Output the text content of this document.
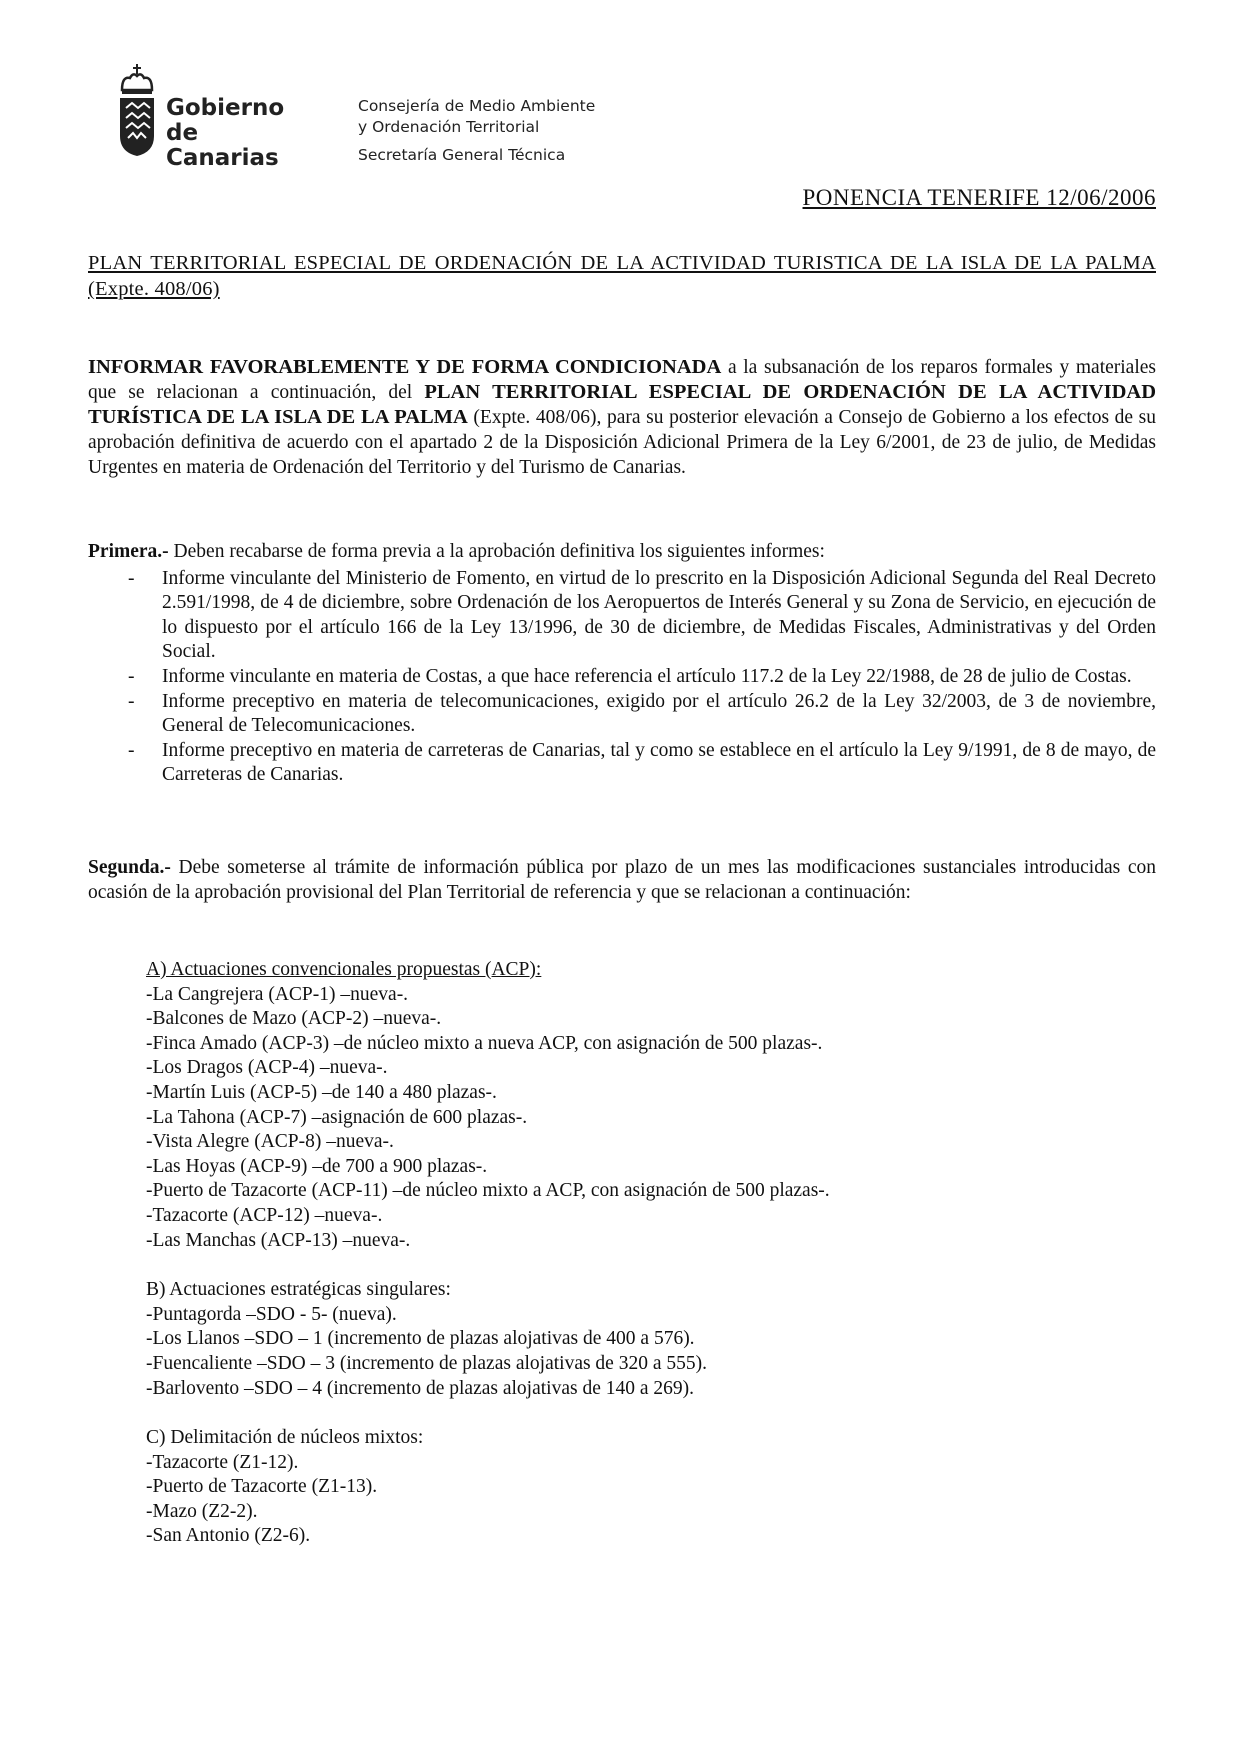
Gobierno
de Canarias
Consejería de Medio Ambiente
y Ordenación Territorial
Secretaría General Técnica
PONENCIA TENERIFE 12/06/2006
PLAN TERRITORIAL ESPECIAL DE ORDENACIÓN DE LA ACTIVIDAD TURISTICA DE LA ISLA DE LA PALMA (Expte. 408/06)
INFORMAR FAVORABLEMENTE Y DE FORMA CONDICIONADA a la subsanación de los reparos formales y materiales que se relacionan a continuación, del PLAN TERRITORIAL ESPECIAL DE ORDENACIÓN DE LA ACTIVIDAD TURÍSTICA DE LA ISLA DE LA PALMA (Expte. 408/06), para su posterior elevación a Consejo de Gobierno a los efectos de su aprobación definitiva de acuerdo con el apartado 2 de la Disposición Adicional Primera de la Ley 6/2001, de 23 de julio, de Medidas Urgentes en materia de Ordenación del Territorio y del Turismo de Canarias.
Primera.- Deben recabarse de forma previa a la aprobación definitiva los siguientes informes:
- Informe vinculante del Ministerio de Fomento, en virtud de lo prescrito en la Disposición Adicional Segunda del Real Decreto 2.591/1998, de 4 de diciembre, sobre Ordenación de los Aeropuertos de Interés General y su Zona de Servicio, en ejecución de lo dispuesto por el artículo 166 de la Ley 13/1996, de 30 de diciembre, de Medidas Fiscales, Administrativas y del Orden Social.
- Informe vinculante en materia de Costas, a que hace referencia el artículo 117.2 de la Ley 22/1988, de 28 de julio de Costas.
- Informe preceptivo en materia de telecomunicaciones, exigido por el artículo 26.2 de la Ley 32/2003, de 3 de noviembre, General de Telecomunicaciones.
- Informe preceptivo en materia de carreteras de Canarias, tal y como se establece en el artículo la Ley 9/1991, de 8 de mayo, de Carreteras de Canarias.
Segunda.- Debe someterse al trámite de información pública por plazo de un mes las modificaciones sustanciales introducidas con ocasión de la aprobación provisional del Plan Territorial de referencia y que se relacionan a continuación:
A) Actuaciones convencionales propuestas (ACP):
-La Cangrejera (ACP-1) –nueva-.
-Balcones de Mazo (ACP-2) –nueva-.
-Finca Amado (ACP-3) –de núcleo mixto a nueva ACP, con asignación de 500 plazas-.
-Los Dragos (ACP-4) –nueva-.
-Martín Luis (ACP-5) –de 140 a 480 plazas-.
-La Tahona (ACP-7) –asignación de 600 plazas-.
-Vista Alegre (ACP-8) –nueva-.
-Las Hoyas (ACP-9) –de 700 a 900 plazas-.
-Puerto de Tazacorte (ACP-11) –de núcleo mixto a ACP, con asignación de 500 plazas-.
-Tazacorte (ACP-12) –nueva-.
-Las Manchas (ACP-13) –nueva-.
B) Actuaciones estratégicas singulares:
-Puntagorda –SDO - 5- (nueva).
-Los Llanos –SDO – 1 (incremento de plazas alojativas de 400 a 576).
-Fuencaliente –SDO – 3 (incremento de plazas alojativas de 320 a 555).
-Barlovento –SDO – 4 (incremento de plazas alojativas de 140 a 269).
C) Delimitación de núcleos mixtos:
-Tazacorte (Z1-12).
-Puerto de Tazacorte (Z1-13).
-Mazo (Z2-2).
-San Antonio (Z2-6).
